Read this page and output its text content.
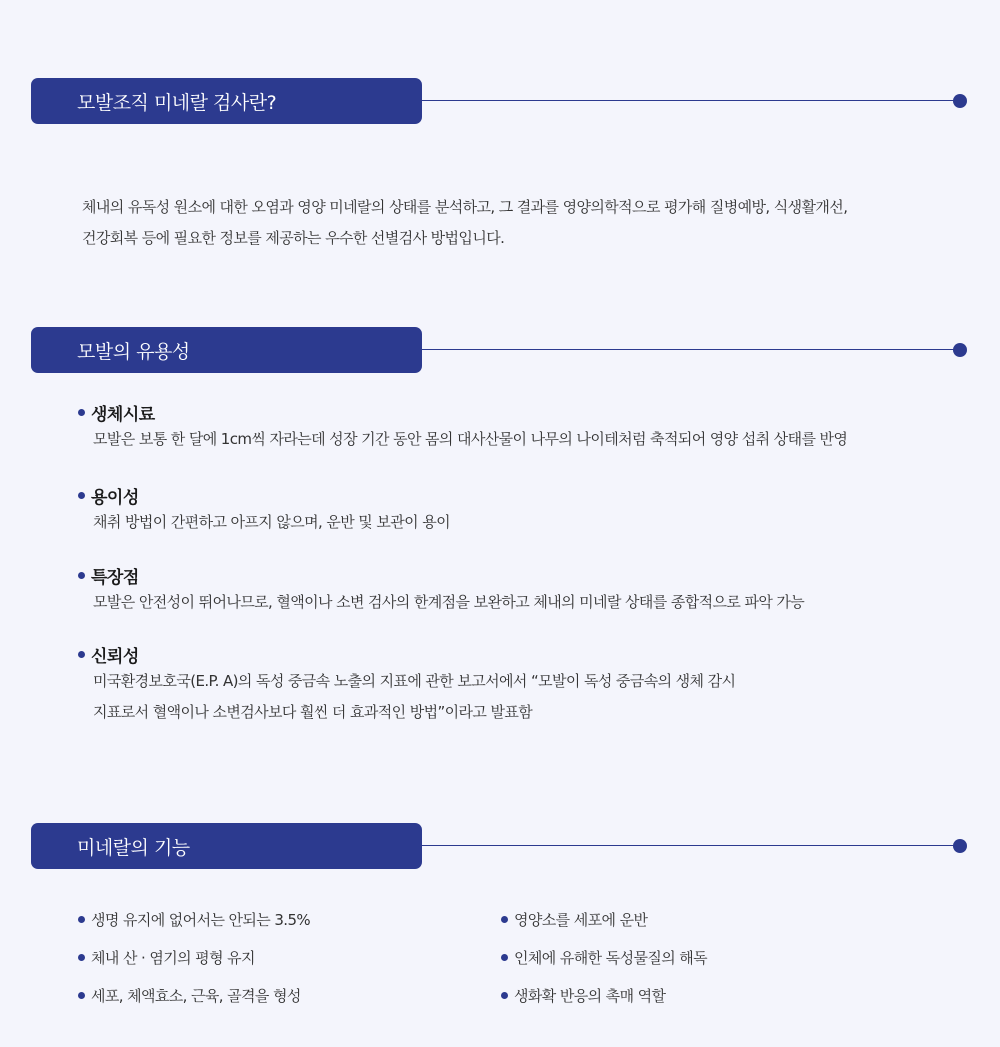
모발조직 미네랄 검사란?

체내의 유독성 원소에 대한 오염과 영양 미네랄의 상태를 분석하고, 그 결과를 영양의학적으로 평가해 질병예방, 식생활개선,
건강회복 등에 필요한 정보를 제공하는 우수한 선별검사 방법입니다.

모발의 유용성
생체시료

모발은 보통 한 달에 1cm씩 자라는데 성장 기간 동안 몸의 대사산물이 나무의 나이테처럼 축적되어 영양 섭취 상태를 반영

용이성

채취 방법이 간편하고 아프지 않으며, 운반 및 보관이 용이

특장점

모발은 안전성이 뛰어나므로, 혈액이나 소변 검사의 한계점을 보완하고 체내의 미네랄 상태를 종합적으로 파악 가능

신뢰성

미국환경보호국(E.P. A)의 독성 중금속 노출의 지표에 관한 보고서에서 “모발이 독성 중금속의 생체 감시
지표로서 혈액이나 소변검사보다 훨씬 더 효과적인 방법”이라고 발표함

미네랄의 기능
생명 유지에 없어서는 안되는 3.5%
체내 산 · 염기의 평형 유지
세포, 체액효소, 근육, 골격을 형성
영양소를 세포에 운반
인체에 유해한 독성물질의 해독
생화확 반응의 촉매 역할
